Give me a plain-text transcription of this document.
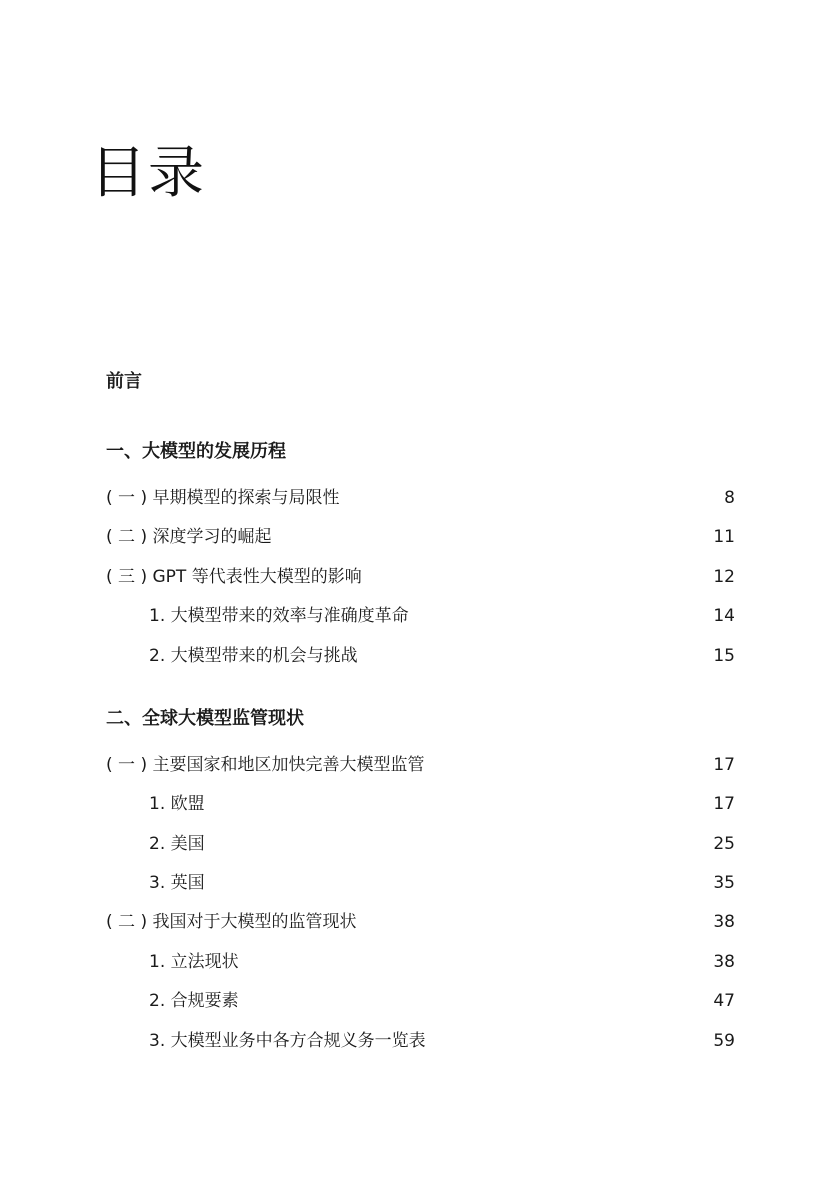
目录
前言
一、大模型的发展历程
( 一 ) 早期模型的探索与局限性	8
( 二 ) 深度学习的崛起	11
( 三 ) GPT 等代表性大模型的影响	12
1. 大模型带来的效率与准确度革命	14
2. 大模型带来的机会与挑战	15
二、全球大模型监管现状
( 一 ) 主要国家和地区加快完善大模型监管	17
1. 欧盟	17
2. 美国	25
3. 英国	35
( 二 ) 我国对于大模型的监管现状	38
1. 立法现状	38
2. 合规要素	47
3. 大模型业务中各方合规义务一览表	59
